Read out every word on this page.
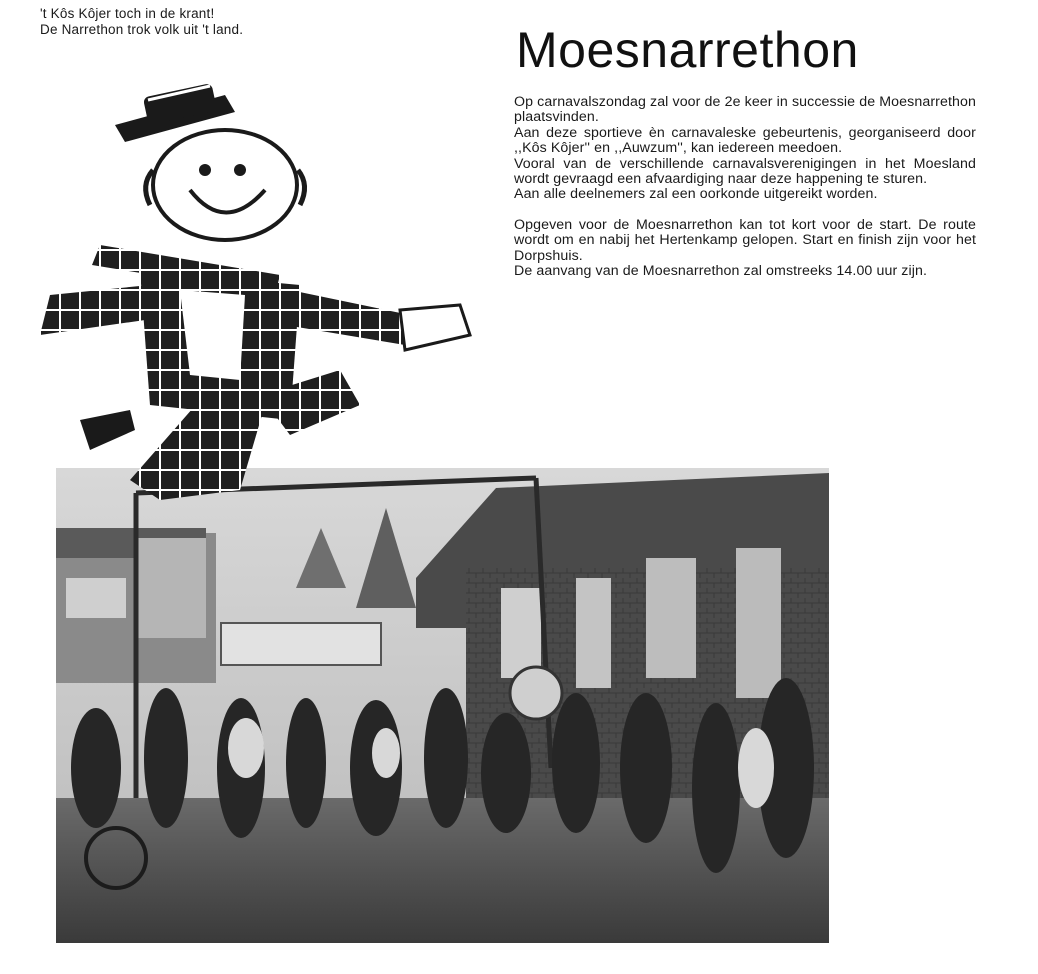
't Kôs Kôjer toch in de krant!
De Narrethon trok volk uit 't land.	Moesnarrethon

Op carnavalszondag zal voor de 2e keer in successie de Moesnarrethon plaatsvinden.

Aan deze sportieve èn carnavaleske gebeurtenis, georganiseerd door ,,Kôs Kôjer'' en ,,Auwzum'', kan iedereen meedoen.

Vooral van de verschillende carnavalsverenigingen in het Moesland wordt gevraagd een afvaardiging naar deze happening te sturen.

Aan alle deelnemers zal een oorkonde uitgereikt worden.

Opgeven voor de Moesnarrethon kan tot kort voor de start. De route wordt om en nabij het Hertenkamp gelopen. Start en finish zijn voor het Dorpshuis.

De aanvang van de Moesnarrethon zal omstreeks 14.00 uur zijn.
